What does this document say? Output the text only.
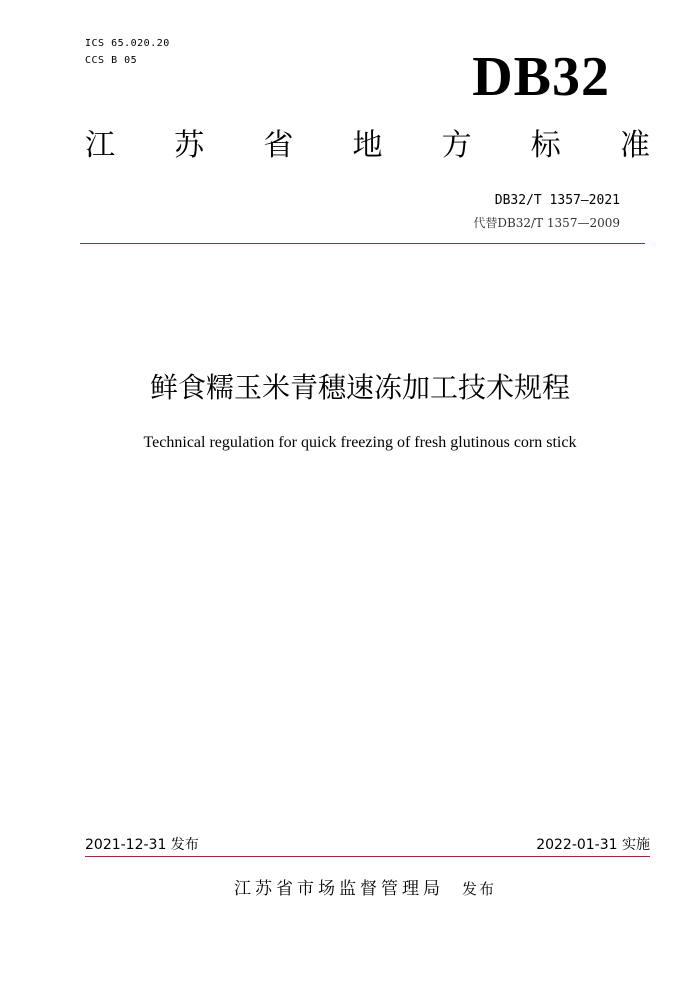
ICS 65.020.20
CCS B 05	DB32
江 苏 省 地 方 标 准
DB32/T 1357—2021
代替DB32/T 1357—2009
鲜食糯玉米青穗速冻加工技术规程
Technical regulation for quick freezing of fresh glutinous corn stick
2021-12-31 发布	2022-01-31 实施
江苏省市场监督管理局 发布
